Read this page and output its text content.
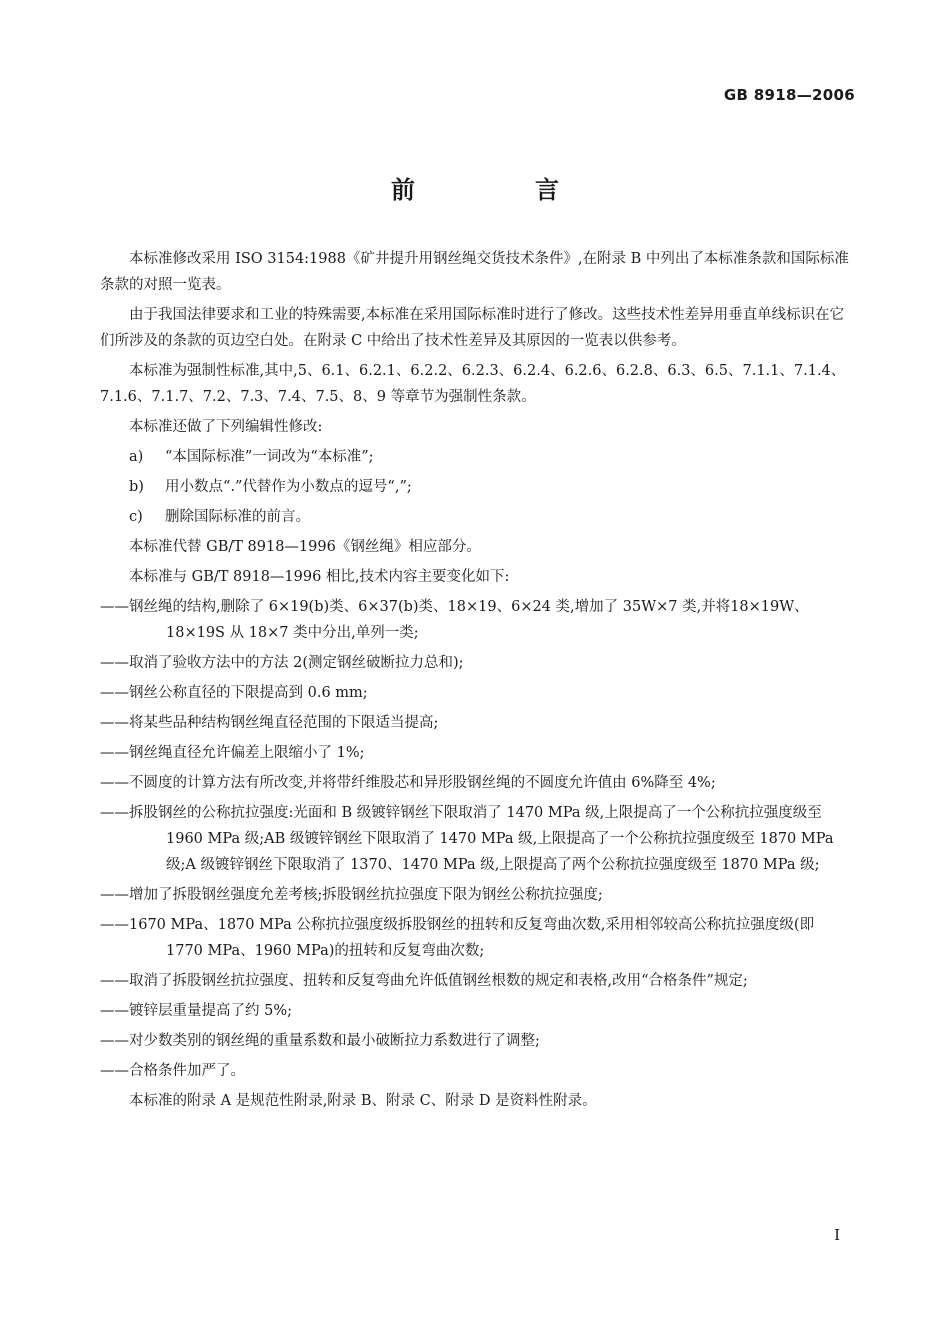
GB 8918—2006
前　言

本标准修改采用 ISO 3154:1988《矿井提升用钢丝绳交货技术条件》,在附录 B 中列出了本标准条款和国际标准条款的对照一览表。

由于我国法律要求和工业的特殊需要,本标准在采用国际标准时进行了修改。这些技术性差异用垂直单线标识在它们所涉及的条款的页边空白处。在附录 C 中给出了技术性差异及其原因的一览表以供参考。

本标准为强制性标准,其中,5、6.1、6.2.1、6.2.2、6.2.3、6.2.4、6.2.6、6.2.8、6.3、6.5、7.1.1、7.1.4、7.1.6、7.1.7、7.2、7.3、7.4、7.5、8、9 等章节为强制性条款。

本标准还做了下列编辑性修改:

a) “本国际标准”一词改为“本标准”;

b) 用小数点“.”代替作为小数点的逗号“,”;

c) 删除国际标准的前言。

本标准代替 GB/T 8918—1996《钢丝绳》相应部分。

本标准与 GB/T 8918—1996 相比,技术内容主要变化如下:

——钢丝绳的结构,删除了 6×19(b)类、6×37(b)类、18×19、6×24 类,增加了 35W×7 类,并将18×19W、18×19S 从 18×7 类中分出,单列一类;

——取消了验收方法中的方法 2(测定钢丝破断拉力总和);

——钢丝公称直径的下限提高到 0.6 mm;

——将某些品种结构钢丝绳直径范围的下限适当提高;

——钢丝绳直径允许偏差上限缩小了 1%;

——不圆度的计算方法有所改变,并将带纤维股芯和异形股钢丝绳的不圆度允许值由 6%降至 4%;

——拆股钢丝的公称抗拉强度:光面和 B 级镀锌钢丝下限取消了 1470 MPa 级,上限提高了一个公称抗拉强度级至 1960 MPa 级;AB 级镀锌钢丝下限取消了 1470 MPa 级,上限提高了一个公称抗拉强度级至 1870 MPa 级;A 级镀锌钢丝下限取消了 1370、1470 MPa 级,上限提高了两个公称抗拉强度级至 1870 MPa 级;

——增加了拆股钢丝强度允差考核;拆股钢丝抗拉强度下限为钢丝公称抗拉强度;

——1670 MPa、1870 MPa 公称抗拉强度级拆股钢丝的扭转和反复弯曲次数,采用相邻较高公称抗拉强度级(即 1770 MPa、1960 MPa)的扭转和反复弯曲次数;

——取消了拆股钢丝抗拉强度、扭转和反复弯曲允许低值钢丝根数的规定和表格,改用“合格条件”规定;

——镀锌层重量提高了约 5%;

——对少数类别的钢丝绳的重量系数和最小破断拉力系数进行了调整;

——合格条件加严了。

本标准的附录 A 是规范性附录,附录 B、附录 C、附录 D 是资料性附录。

I
